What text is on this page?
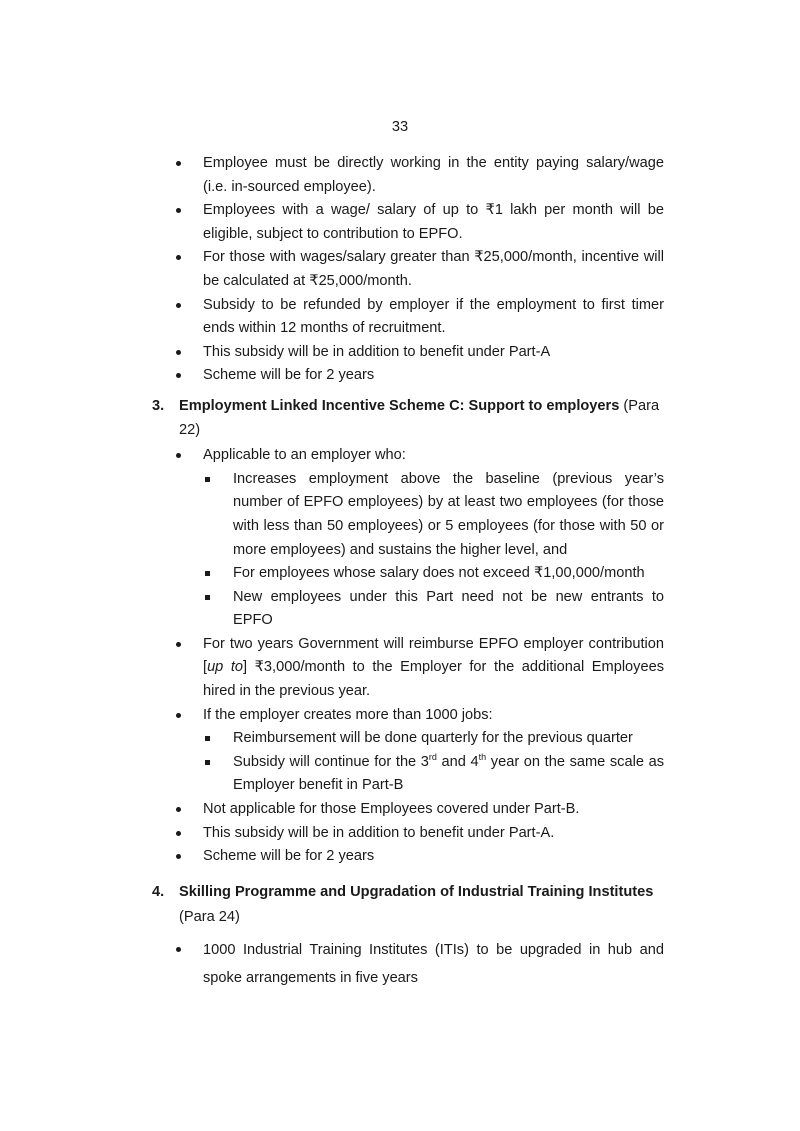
33
Employee must be directly working in the entity paying salary/wage (i.e. in-sourced employee).
Employees with a wage/ salary of up to ₹1 lakh per month will be eligible, subject to contribution to EPFO.
For those with wages/salary greater than ₹25,000/month, incentive will be calculated at ₹25,000/month.
Subsidy to be refunded by employer if the employment to first timer ends within 12 months of recruitment.
This subsidy will be in addition to benefit under Part-A
Scheme will be for 2 years
3. Employment Linked Incentive Scheme C: Support to employers (Para 22)
Applicable to an employer who:
Increases employment above the baseline (previous year’s number of EPFO employees) by at least two employees (for those with less than 50 employees) or 5 employees (for those with 50 or more employees) and sustains the higher level, and
For employees whose salary does not exceed ₹1,00,000/month
New employees under this Part need not be new entrants to EPFO
For two years Government will reimburse EPFO employer contribution [up to] ₹3,000/month to the Employer for the additional Employees hired in the previous year.
If the employer creates more than 1000 jobs:
Reimbursement will be done quarterly for the previous quarter
Subsidy will continue for the 3rd and 4th year on the same scale as Employer benefit in Part-B
Not applicable for those Employees covered under Part-B.
This subsidy will be in addition to benefit under Part-A.
Scheme will be for 2 years
4. Skilling Programme and Upgradation of Industrial Training Institutes
(Para 24)
1000 Industrial Training Institutes (ITIs) to be upgraded in hub and spoke arrangements in five years
